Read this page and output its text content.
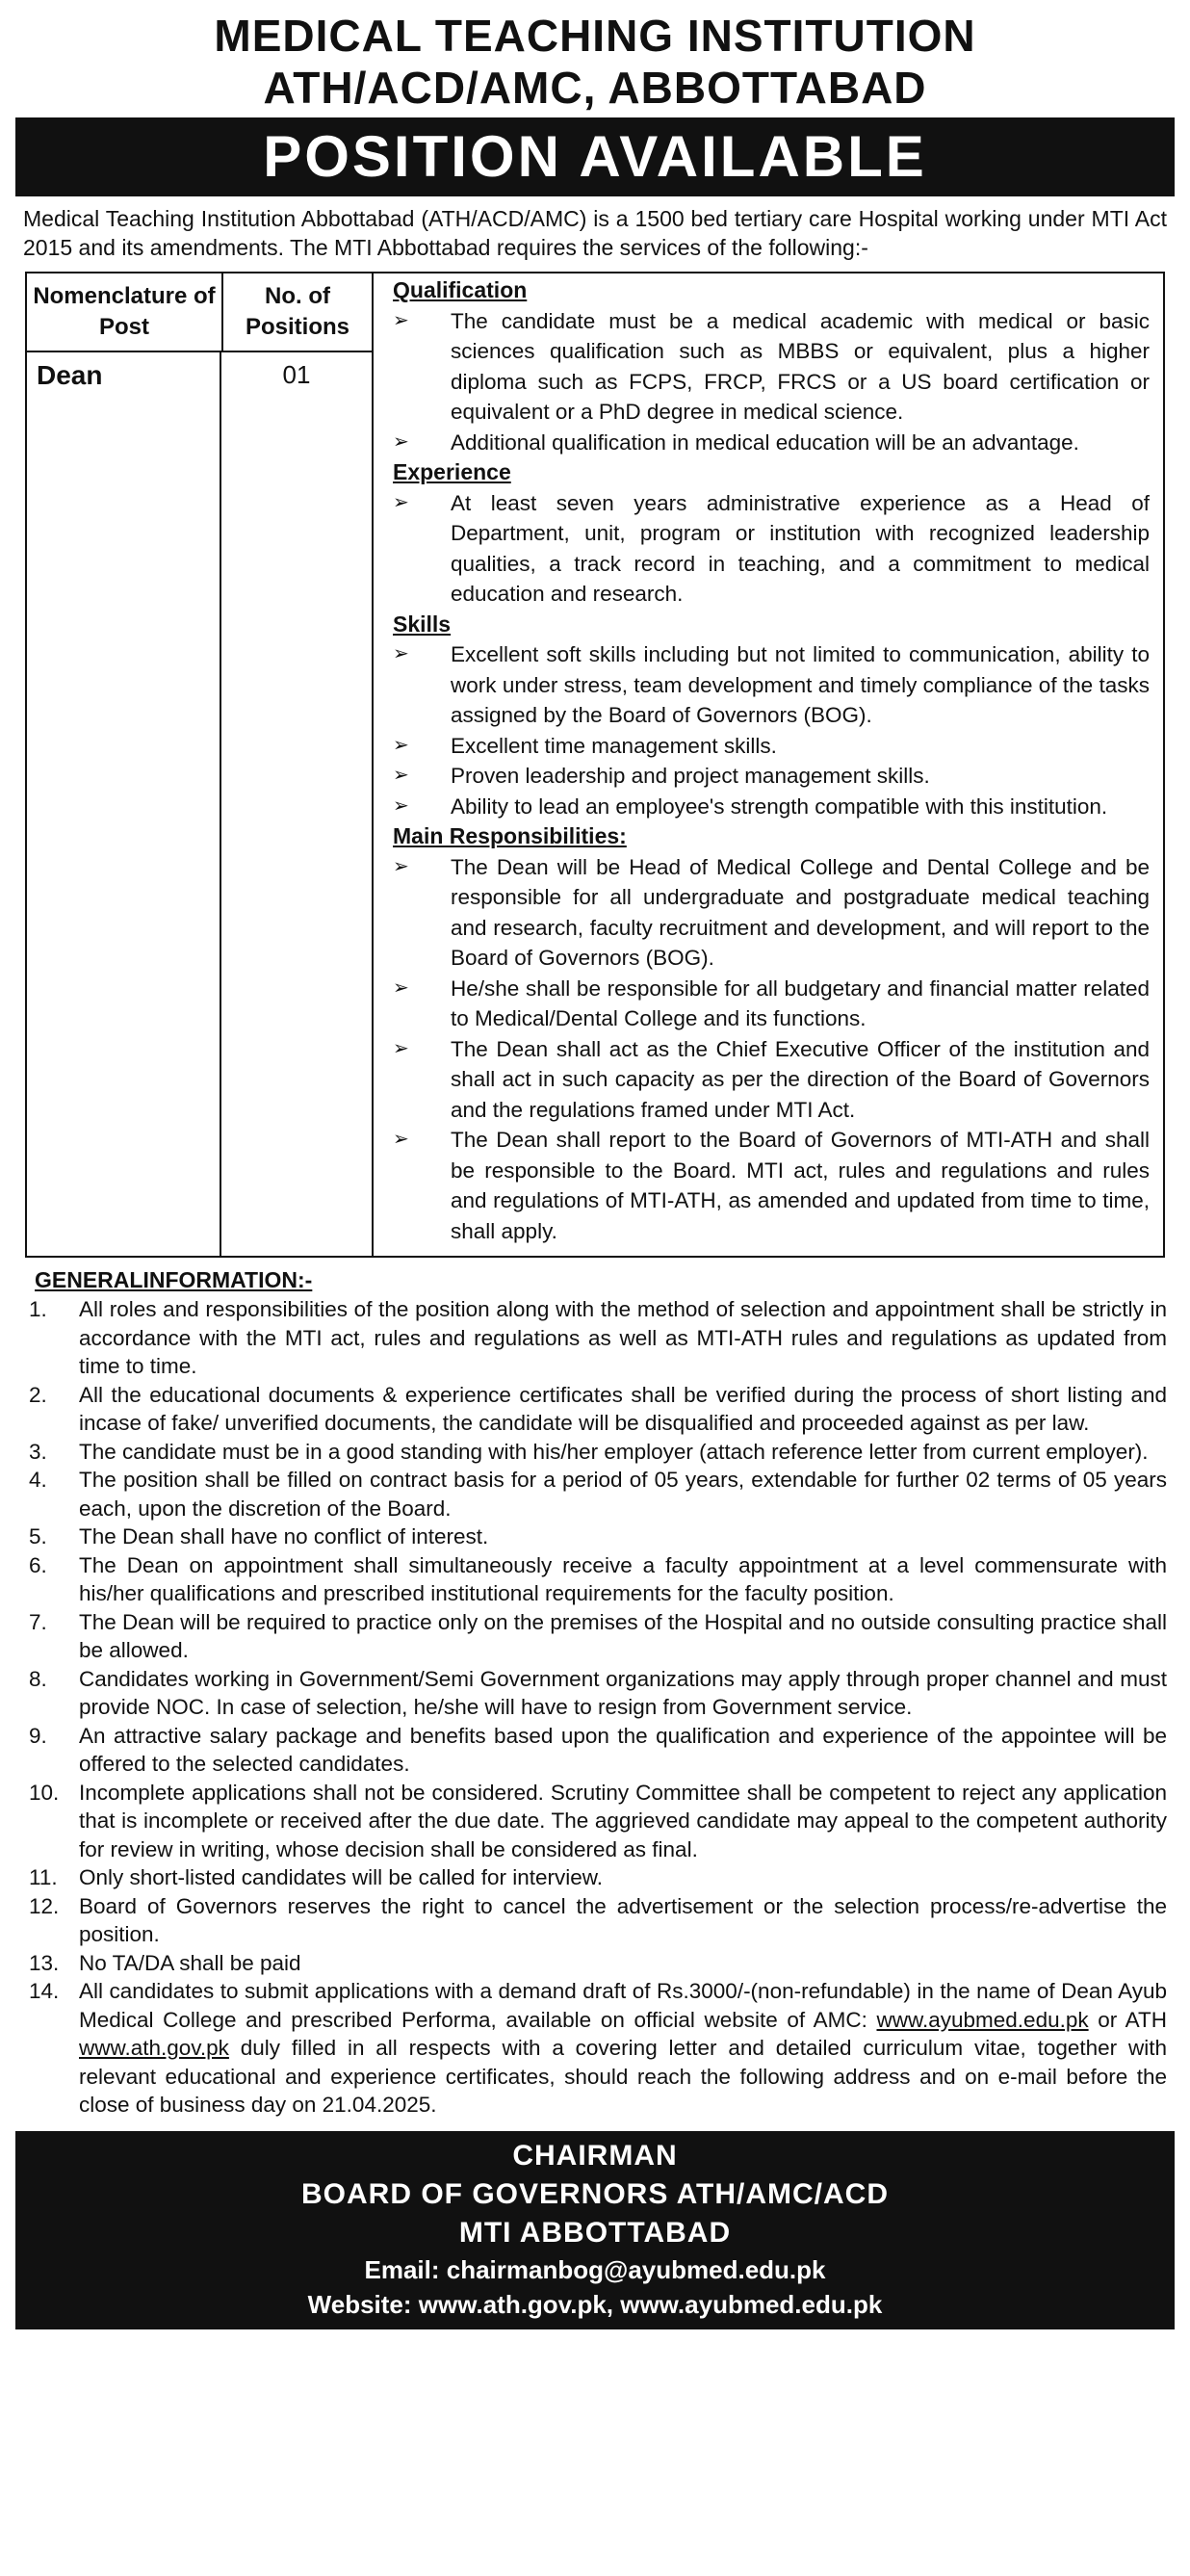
MEDICAL TEACHING INSTITUTION
ATH/ACD/AMC, ABBOTTABAD
POSITION AVAILABLE
Medical Teaching Institution Abbottabad (ATH/ACD/AMC) is a 1500 bed tertiary care Hospital working under MTI Act 2015 and its amendments. The MTI Abbottabad requires the services of the following:-
Nomenclature of Post
No. of Positions
Dean	01
Qualification
➢	The candidate must be a medical academic with medical or basic sciences qualification such as MBBS or equivalent, plus a higher diploma such as FCPS, FRCP, FRCS or a US board certification or equivalent or a PhD degree in medical science.
➢	Additional qualification in medical education will be an advantage.
Experience
➢	At least seven years administrative experience as a Head of Department, unit, program or institution with recognized leadership qualities, a track record in teaching, and a commitment to medical education and research.
Skills
➢	Excellent soft skills including but not limited to communication, ability to work under stress, team development and timely compliance of the tasks assigned by the Board of Governors (BOG).
➢	Excellent time management skills.
➢	Proven leadership and project management skills.
➢	Ability to lead an employee's strength compatible with this institution.
Main Responsibilities:
➢	The Dean will be Head of Medical College and Dental College and be responsible for all undergraduate and postgraduate medical teaching and research, faculty recruitment and development, and will report to the Board of Governors (BOG).
➢	He/she shall be responsible for all budgetary and financial matter related to Medical/Dental College and its functions.
➢	The Dean shall act as the Chief Executive Officer of the institution and shall act in such capacity as per the direction of the Board of Governors and the regulations framed under MTI Act.
➢	The Dean shall report to the Board of Governors of MTI-ATH and shall be responsible to the Board. MTI act, rules and regulations and rules and regulations of MTI-ATH, as amended and updated from time to time, shall apply.
GENERALINFORMATION:-
1.	All roles and responsibilities of the position along with the method of selection and appointment shall be strictly in accordance with the MTI act, rules and regulations as well as MTI-ATH rules and regulations as updated from time to time.
2.	All the educational documents & experience certificates shall be verified during the process of short listing and incase of fake/ unverified documents, the candidate will be disqualified and proceeded against as per law.
3.	The candidate must be in a good standing with his/her employer (attach reference letter from current employer).
4.	The position shall be filled on contract basis for a period of 05 years, extendable for further 02 terms of 05 years each, upon the discretion of the Board.
5.	The Dean shall have no conflict of interest.
6.	The Dean on appointment shall simultaneously receive a faculty appointment at a level commensurate with his/her qualifications and prescribed institutional requirements for the faculty position.
7.	The Dean will be required to practice only on the premises of the Hospital and no outside consulting practice shall be allowed.
8.	Candidates working in Government/Semi Government organizations may apply through proper channel and must provide NOC. In case of selection, he/she will have to resign from Government service.
9.	An attractive salary package and benefits based upon the qualification and experience of the appointee will be offered to the selected candidates.
10. Incomplete applications shall not be considered. Scrutiny Committee shall be competent to reject any application that is incomplete or received after the due date. The aggrieved candidate may appeal to the competent authority for review in writing, whose decision shall be considered as final.
11. Only short-listed candidates will be called for interview.
12. Board of Governors reserves the right to cancel the advertisement or the selection process/re-advertise the position.
13. No TA/DA shall be paid
14. All candidates to submit applications with a demand draft of Rs.3000/-(non-refundable) in the name of Dean Ayub Medical College and prescribed Performa, available on official website of AMC: www.ayubmed.edu.pk or ATH www.ath.gov.pk duly filled in all respects with a covering letter and detailed curriculum vitae, together with relevant educational and experience certificates, should reach the following address and on e-mail before the close of business day on 21.04.2025.
CHAIRMAN
BOARD OF GOVERNORS ATH/AMC/ACD
MTI ABBOTTABAD
Email: chairmanbog@ayubmed.edu.pk
Website: www.ath.gov.pk, www.ayubmed.edu.pk
